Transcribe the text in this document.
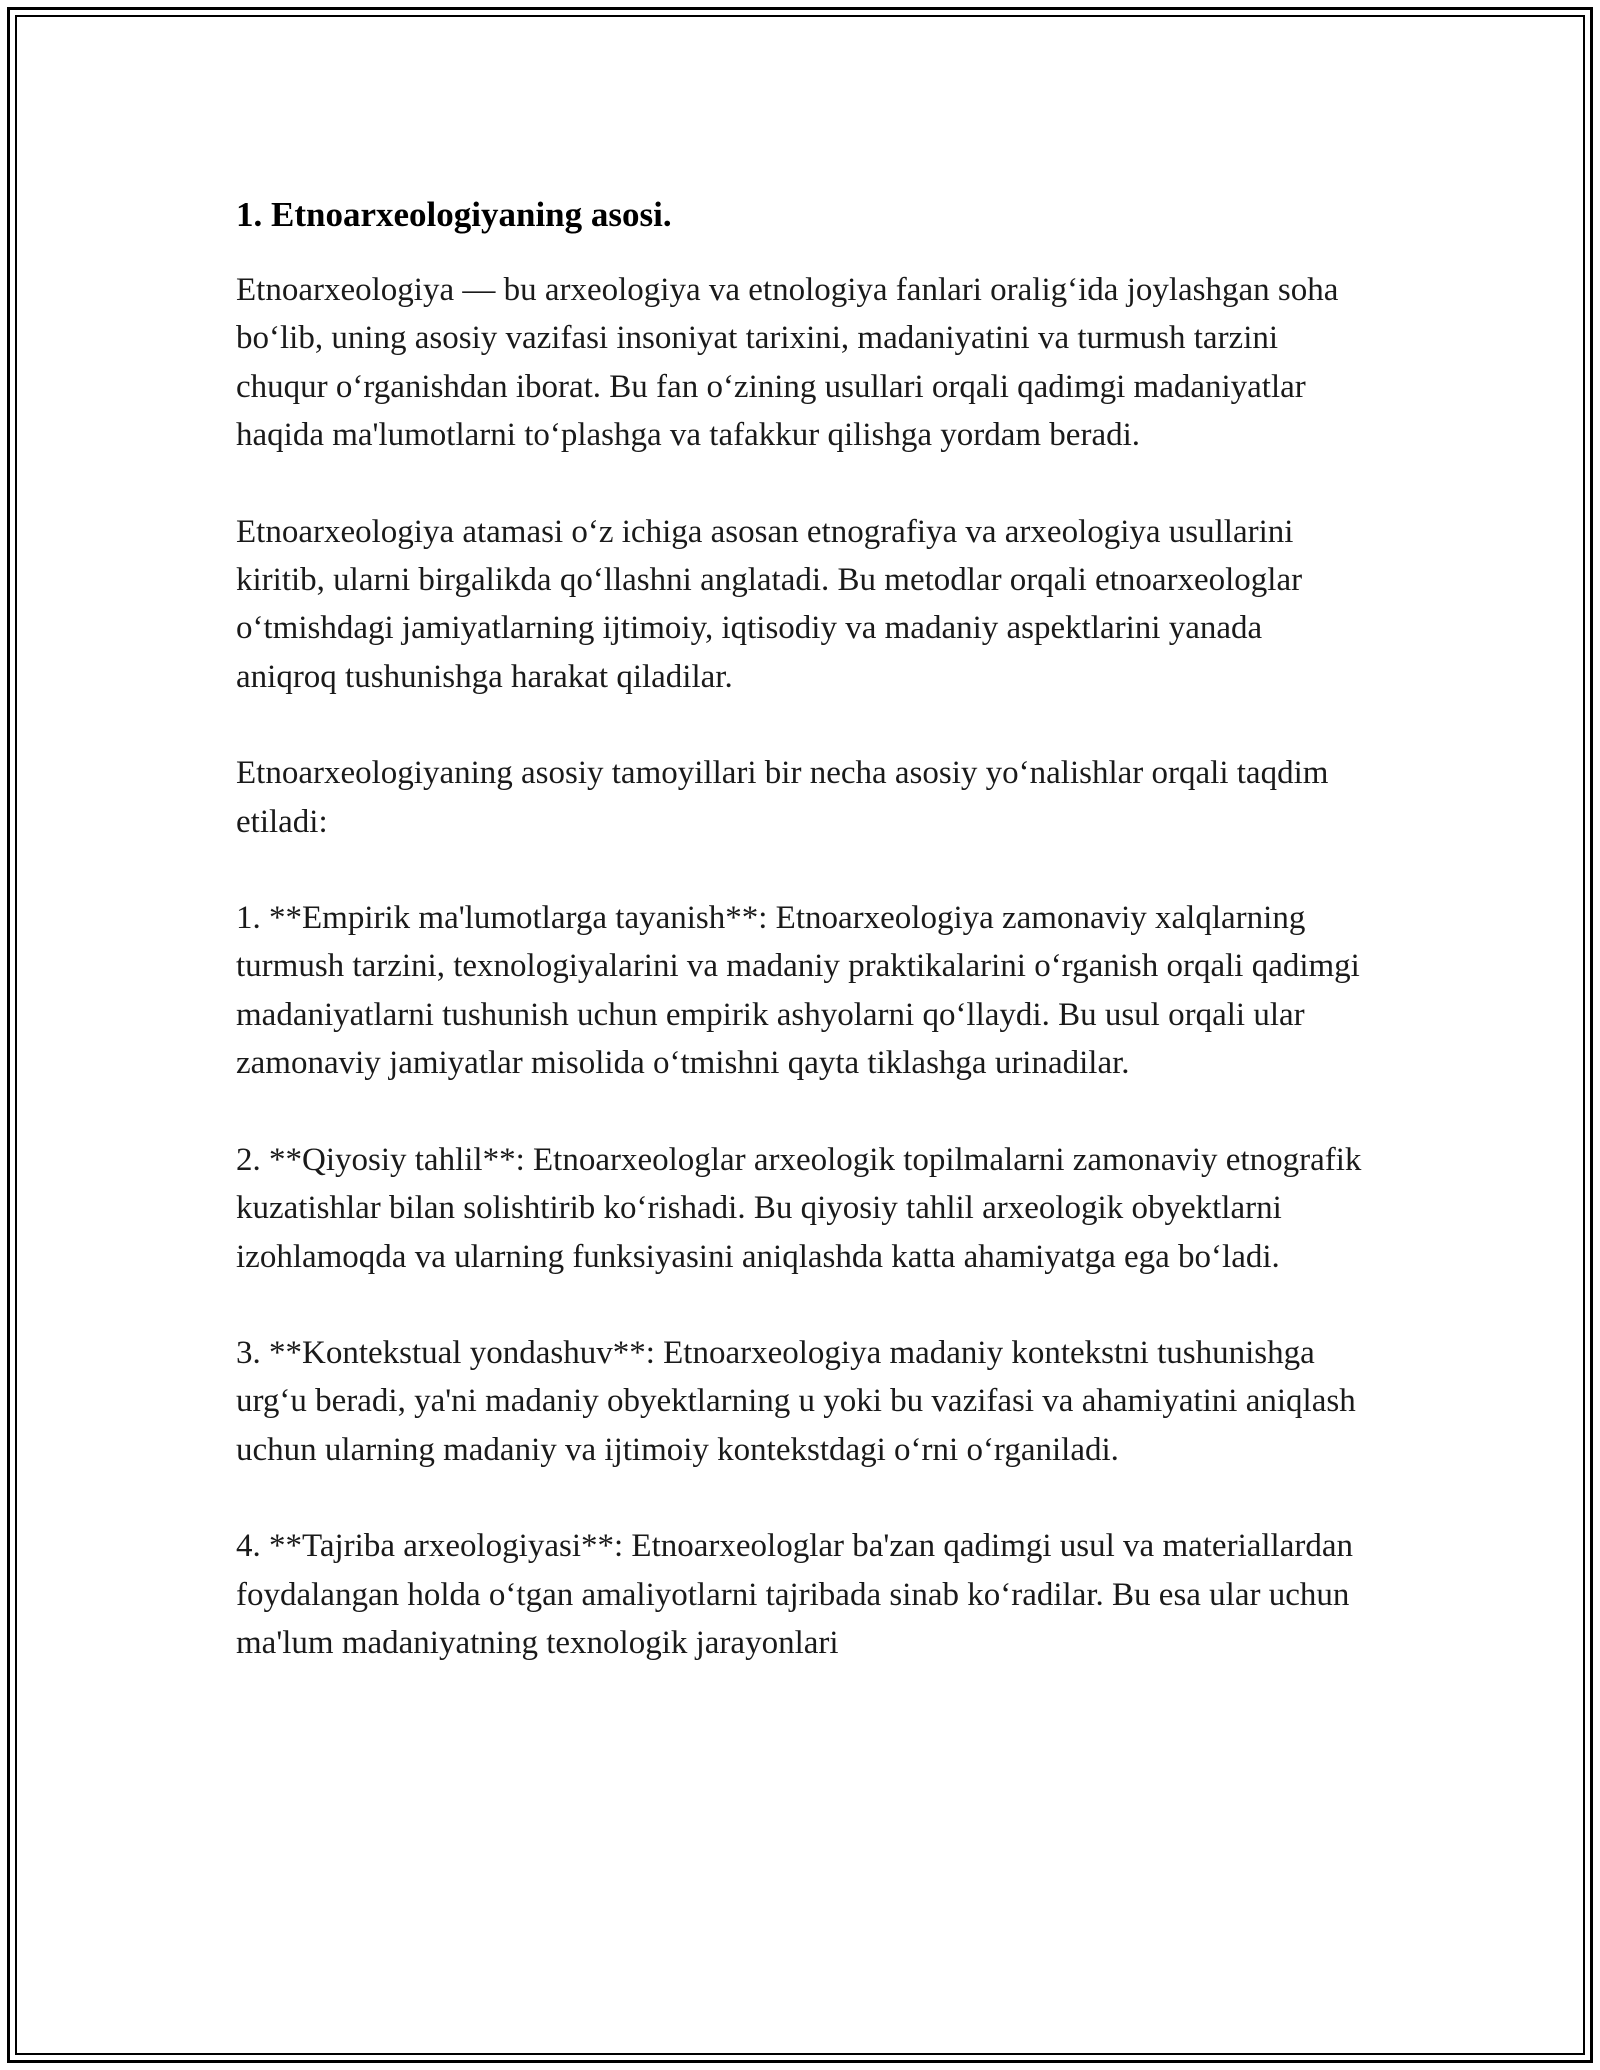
1. Etnoarxeologiyaning asosi.

Etnoarxeologiya — bu arxeologiya va etnologiya fanlari oralig‘ida joylashgan soha bo‘lib, uning asosiy vazifasi insoniyat tarixini, madaniyatini va turmush tarzini chuqur o‘rganishdan iborat. Bu fan o‘zining usullari orqali qadimgi madaniyatlar haqida ma'lumotlarni to‘plashga va tafakkur qilishga yordam beradi.

Etnoarxeologiya atamasi o‘z ichiga asosan etnografiya va arxeologiya usullarini kiritib, ularni birgalikda qo‘llashni anglatadi. Bu metodlar orqali etnoarxeologlar o‘tmishdagi jamiyatlarning ijtimoiy, iqtisodiy va madaniy aspektlarini yanada aniqroq tushunishga harakat qiladilar.

Etnoarxeologiyaning asosiy tamoyillari bir necha asosiy yo‘nalishlar orqali taqdim etiladi:

1. **Empirik ma'lumotlarga tayanish**: Etnoarxeologiya zamonaviy xalqlarning turmush tarzini, texnologiyalarini va madaniy praktikalarini o‘rganish orqali qadimgi madaniyatlarni tushunish uchun empirik ashyolarni qo‘llaydi. Bu usul orqali ular zamonaviy jamiyatlar misolida o‘tmishni qayta tiklashga urinadilar.

2. **Qiyosiy tahlil**: Etnoarxeologlar arxeologik topilmalarni zamonaviy etnografik kuzatishlar bilan solishtirib ko‘rishadi. Bu qiyosiy tahlil arxeologik obyektlarni izohlamoqda va ularning funksiyasini aniqlashda katta ahamiyatga ega bo‘ladi.

3. **Kontekstual yondashuv**: Etnoarxeologiya madaniy kontekstni tushunishga urg‘u beradi, ya'ni madaniy obyektlarning u yoki bu vazifasi va ahamiyatini aniqlash uchun ularning madaniy va ijtimoiy kontekstdagi o‘rni o‘rganiladi.

4. **Tajriba arxeologiyasi**: Etnoarxeologlar ba'zan qadimgi usul va materiallardan foydalangan holda o‘tgan amaliyotlarni tajribada sinab ko‘radilar. Bu esa ular uchun ma'lum madaniyatning texnologik jarayonlari
